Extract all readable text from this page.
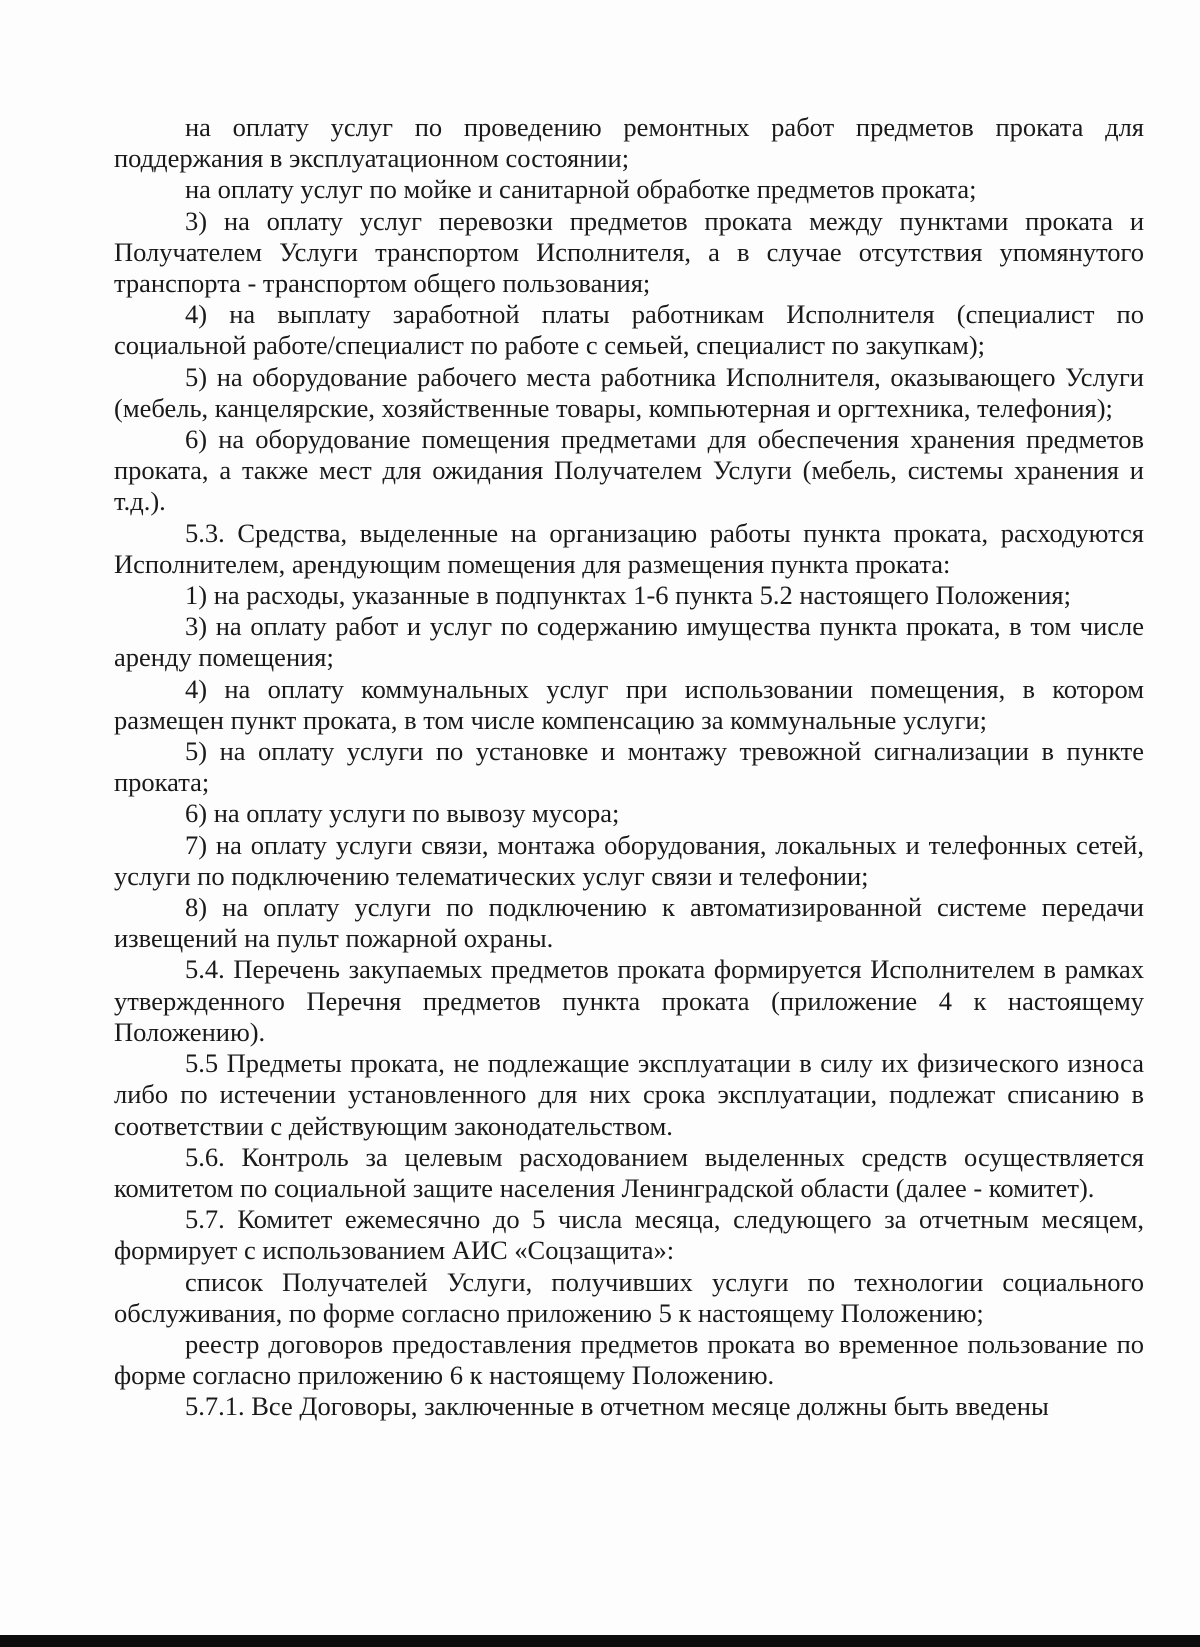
на оплату услуг по проведению ремонтных работ предметов проката для поддержания в эксплуатационном состоянии;

на оплату услуг по мойке и санитарной обработке предметов проката;

3) на оплату услуг перевозки предметов проката между пунктами проката и Получателем Услуги транспортом Исполнителя, а в случае отсутствия упомянутого транспорта - транспортом общего пользования;

4) на выплату заработной платы работникам Исполнителя (специалист по социальной работе/специалист по работе с семьей, специалист по закупкам);

5) на оборудование рабочего места работника Исполнителя, оказывающего Услуги (мебель, канцелярские, хозяйственные товары, компьютерная и оргтехника, телефония);

6) на оборудование помещения предметами для обеспечения хранения предметов проката, а также мест для ожидания Получателем Услуги (мебель, системы хранения и т.д.).

5.3. Средства, выделенные на организацию работы пункта проката, расходуются Исполнителем, арендующим помещения для размещения пункта проката:

1) на расходы, указанные в подпунктах 1-6 пункта 5.2 настоящего Положения;

3) на оплату работ и услуг по содержанию имущества пункта проката, в том числе аренду помещения;

4) на оплату коммунальных услуг при использовании помещения, в котором размещен пункт проката, в том числе компенсацию за коммунальные услуги;

5) на оплату услуги по установке и монтажу тревожной сигнализации в пункте проката;

6) на оплату услуги по вывозу мусора;

7) на оплату услуги связи, монтажа оборудования, локальных и телефонных сетей, услуги по подключению телематических услуг связи и телефонии;

8) на оплату услуги по подключению к автоматизированной системе передачи извещений на пульт пожарной охраны.

5.4. Перечень закупаемых предметов проката формируется Исполнителем в рамках утвержденного Перечня предметов пункта проката (приложение 4 к настоящему Положению).

5.5 Предметы проката, не подлежащие эксплуатации в силу их физического износа либо по истечении установленного для них срока эксплуатации, подлежат списанию в соответствии с действующим законодательством.

5.6. Контроль за целевым расходованием выделенных средств осуществляется комитетом по социальной защите населения Ленинградской области (далее - комитет).

5.7. Комитет ежемесячно до 5 числа месяца, следующего за отчетным месяцем, формирует с использованием АИС «Соцзащита»:

список Получателей Услуги, получивших услуги по технологии социального обслуживания, по форме согласно приложению 5 к настоящему Положению;

реестр договоров предоставления предметов проката во временное пользование по форме согласно приложению 6 к настоящему Положению.

5.7.1. Все Договоры, заключенные в отчетном месяце должны быть введены
